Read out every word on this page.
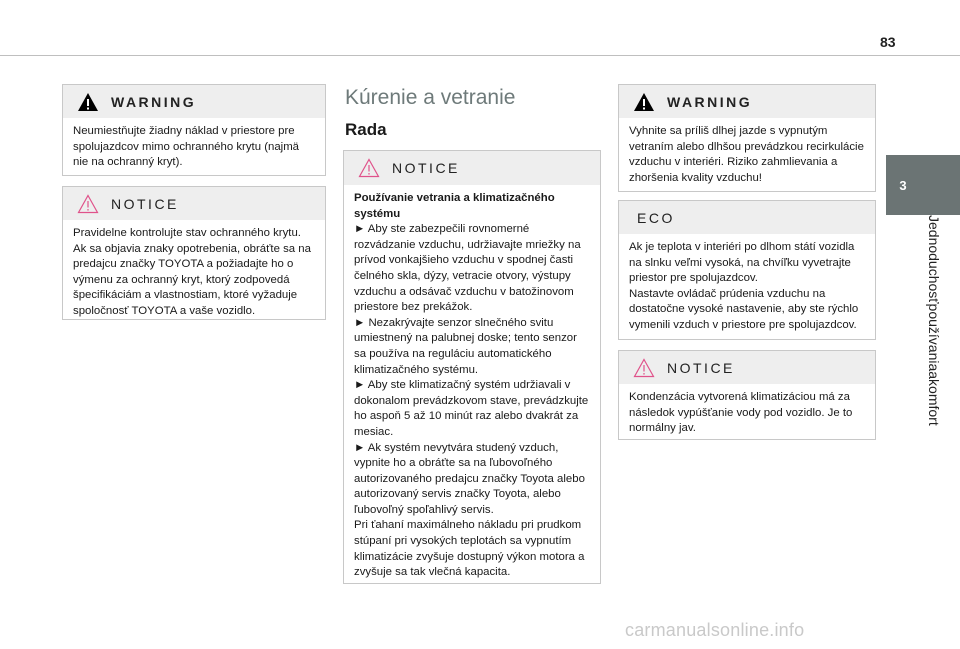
83
3
Jednoduchosťpoužívaniaakomfort
WARNING

Neumiestňujte žiadny náklad v priestore pre spolujazdcov mimo ochranného krytu (najmä nie na ochranný kryt).

NOTICE

Pravidelne kontrolujte stav ochranného krytu. Ak sa objavia znaky opotrebenia, obráťte sa na predajcu značky TOYOTA a požiadajte ho o výmenu za ochranný kryt, ktorý zodpovedá špecifikáciám a vlastnostiam, ktoré vyžaduje spoločnosť TOYOTA a vaše vozidlo.

Kúrenie a vetranie
Rada
NOTICE

Používanie vetrania a klimatizačného systému

► Aby ste zabezpečili rovnomerné rozvádzanie vzduchu, udržiavajte mriežky na prívod vonkajšieho vzduchu v spodnej časti čelného skla, dýzy, vetracie otvory, výstupy vzduchu a odsávač vzduchu v batožinovom priestore bez prekážok.

► Nezakrývajte senzor slnečného svitu umiestnený na palubnej doske; tento senzor sa používa na reguláciu automatického klimatizačného systému.

► Aby ste klimatizačný systém udržiavali v dokonalom prevádzkovom stave, prevádzkujte ho aspoň 5 až 10 minút raz alebo dvakrát za mesiac.

► Ak systém nevytvára studený vzduch, vypnite ho a obráťte sa na ľubovoľného autorizovaného predajcu značky Toyota alebo autorizovaný servis značky Toyota, alebo ľubovoľný spoľahlivý servis.

Pri ťahaní maximálneho nákladu pri prudkom stúpaní pri vysokých teplotách sa vypnutím klimatizácie zvyšuje dostupný výkon motora a zvyšuje sa tak vlečná kapacita.

WARNING

Vyhnite sa príliš dlhej jazde s vypnutým vetraním alebo dlhšou prevádzkou recirkulácie vzduchu v interiéri. Riziko zahmlievania a zhoršenia kvality vzduchu!

ECO

Ak je teplota v interiéri po dlhom státí vozidla na slnku veľmi vysoká, na chvíľku vyvetrajte priestor pre spolujazdcov.

Nastavte ovládač prúdenia vzduchu na dostatočne vysoké nastavenie, aby ste rýchlo vymenili vzduch v priestore pre spolujazdcov.

NOTICE

Kondenzácia vytvorená klimatizáciou má za následok vypúšťanie vody pod vozidlo. Je to normálny jav.

carmanualsonline.info
